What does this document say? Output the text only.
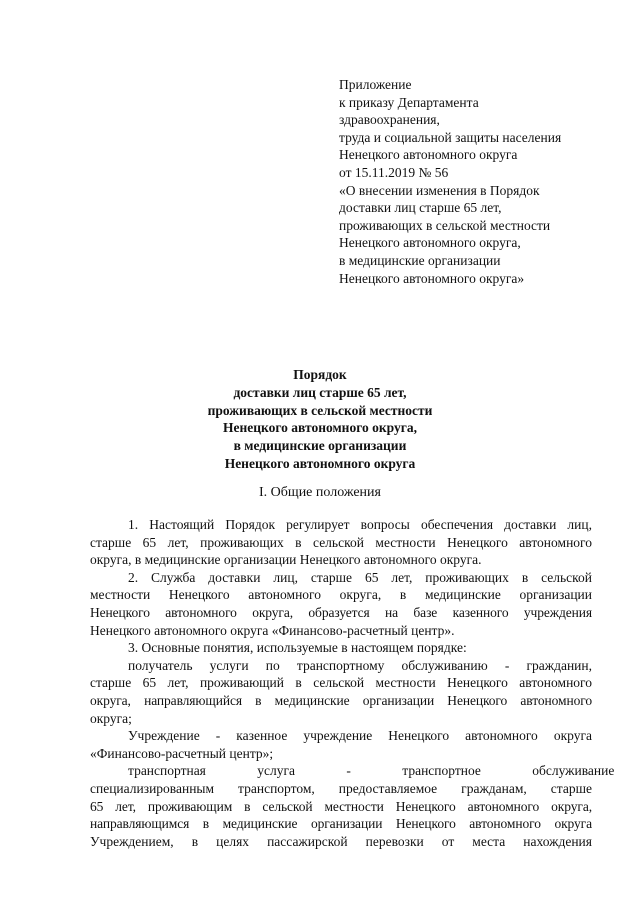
Приложение
к приказу Департамента
здравоохранения,
труда и социальной защиты населения
Ненецкого автономного округа
от 15.11.2019 № 56
«О внесении изменения в Порядок
доставки лиц старше 65 лет,
проживающих в сельской местности
Ненецкого автономного округа,
в медицинские организации
Ненецкого автономного округа»
Порядок
доставки лиц старше 65 лет,
проживающих в сельской местности
Ненецкого автономного округа,
в медицинские организации
Ненецкого автономного округа
I. Общие положения
1. Настоящий Порядок регулирует вопросы обеспечения доставки лиц,
старше 65 лет, проживающих в сельской местности Ненецкого автономного
округа, в медицинские организации Ненецкого автономного округа.
2. Служба доставки лиц, старше 65 лет, проживающих в сельской
местности Ненецкого автономного округа, в медицинские организации
Ненецкого автономного округа, образуется на базе казенного учреждения
Ненецкого автономного округа «Финансово-расчетный центр».
3. Основные понятия, используемые в настоящем порядке:
получатель услуги по транспортному обслуживанию - гражданин,
старше 65 лет, проживающий в сельской местности Ненецкого автономного
округа, направляющийся в медицинские организации Ненецкого автономного
округа;
Учреждение - казенное учреждение Ненецкого автономного округа
«Финансово-расчетный центр»;
транспортная услуга - транспортное обслуживание
специализированным транспортом, предоставляемое гражданам, старше
65 лет, проживающим в сельской местности Ненецкого автономного округа,
направляющимся в медицинские организации Ненецкого автономного округа
Учреждением, в целях пассажирской перевозки от места нахождения
